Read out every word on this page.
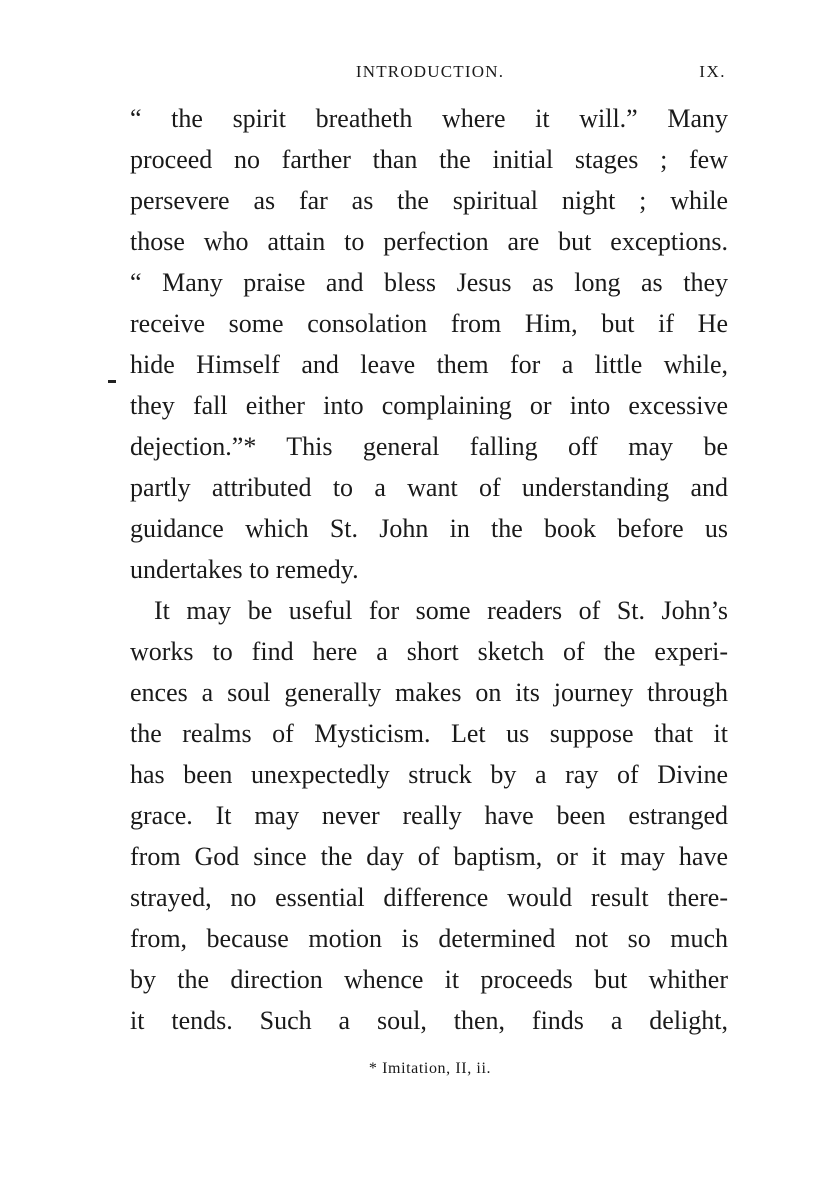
INTRODUCTION.	IX.
“ the spirit breatheth where it will.” Many
proceed no farther than the initial stages ; few
persevere as far as the spiritual night ; while
those who attain to perfection are but exceptions.
“ Many praise and bless Jesus as long as they
receive some consolation from Him, but if He
hide Himself and leave them for a little while,
they fall either into complaining or into excessive
dejection.”* This general falling off may be
partly attributed to a want of understanding and
guidance which St. John in the book before us
undertakes to remedy.
It may be useful for some readers of St. John’s
works to find here a short sketch of the experi-
ences a soul generally makes on its journey through
the realms of Mysticism. Let us suppose that it
has been unexpectedly struck by a ray of Divine
grace. It may never really have been estranged
from God since the day of baptism, or it may have
strayed, no essential difference would result there-
from, because motion is determined not so much
by the direction whence it proceeds but whither
it tends. Such a soul, then, finds a delight,
* Imitation, II, ii.
